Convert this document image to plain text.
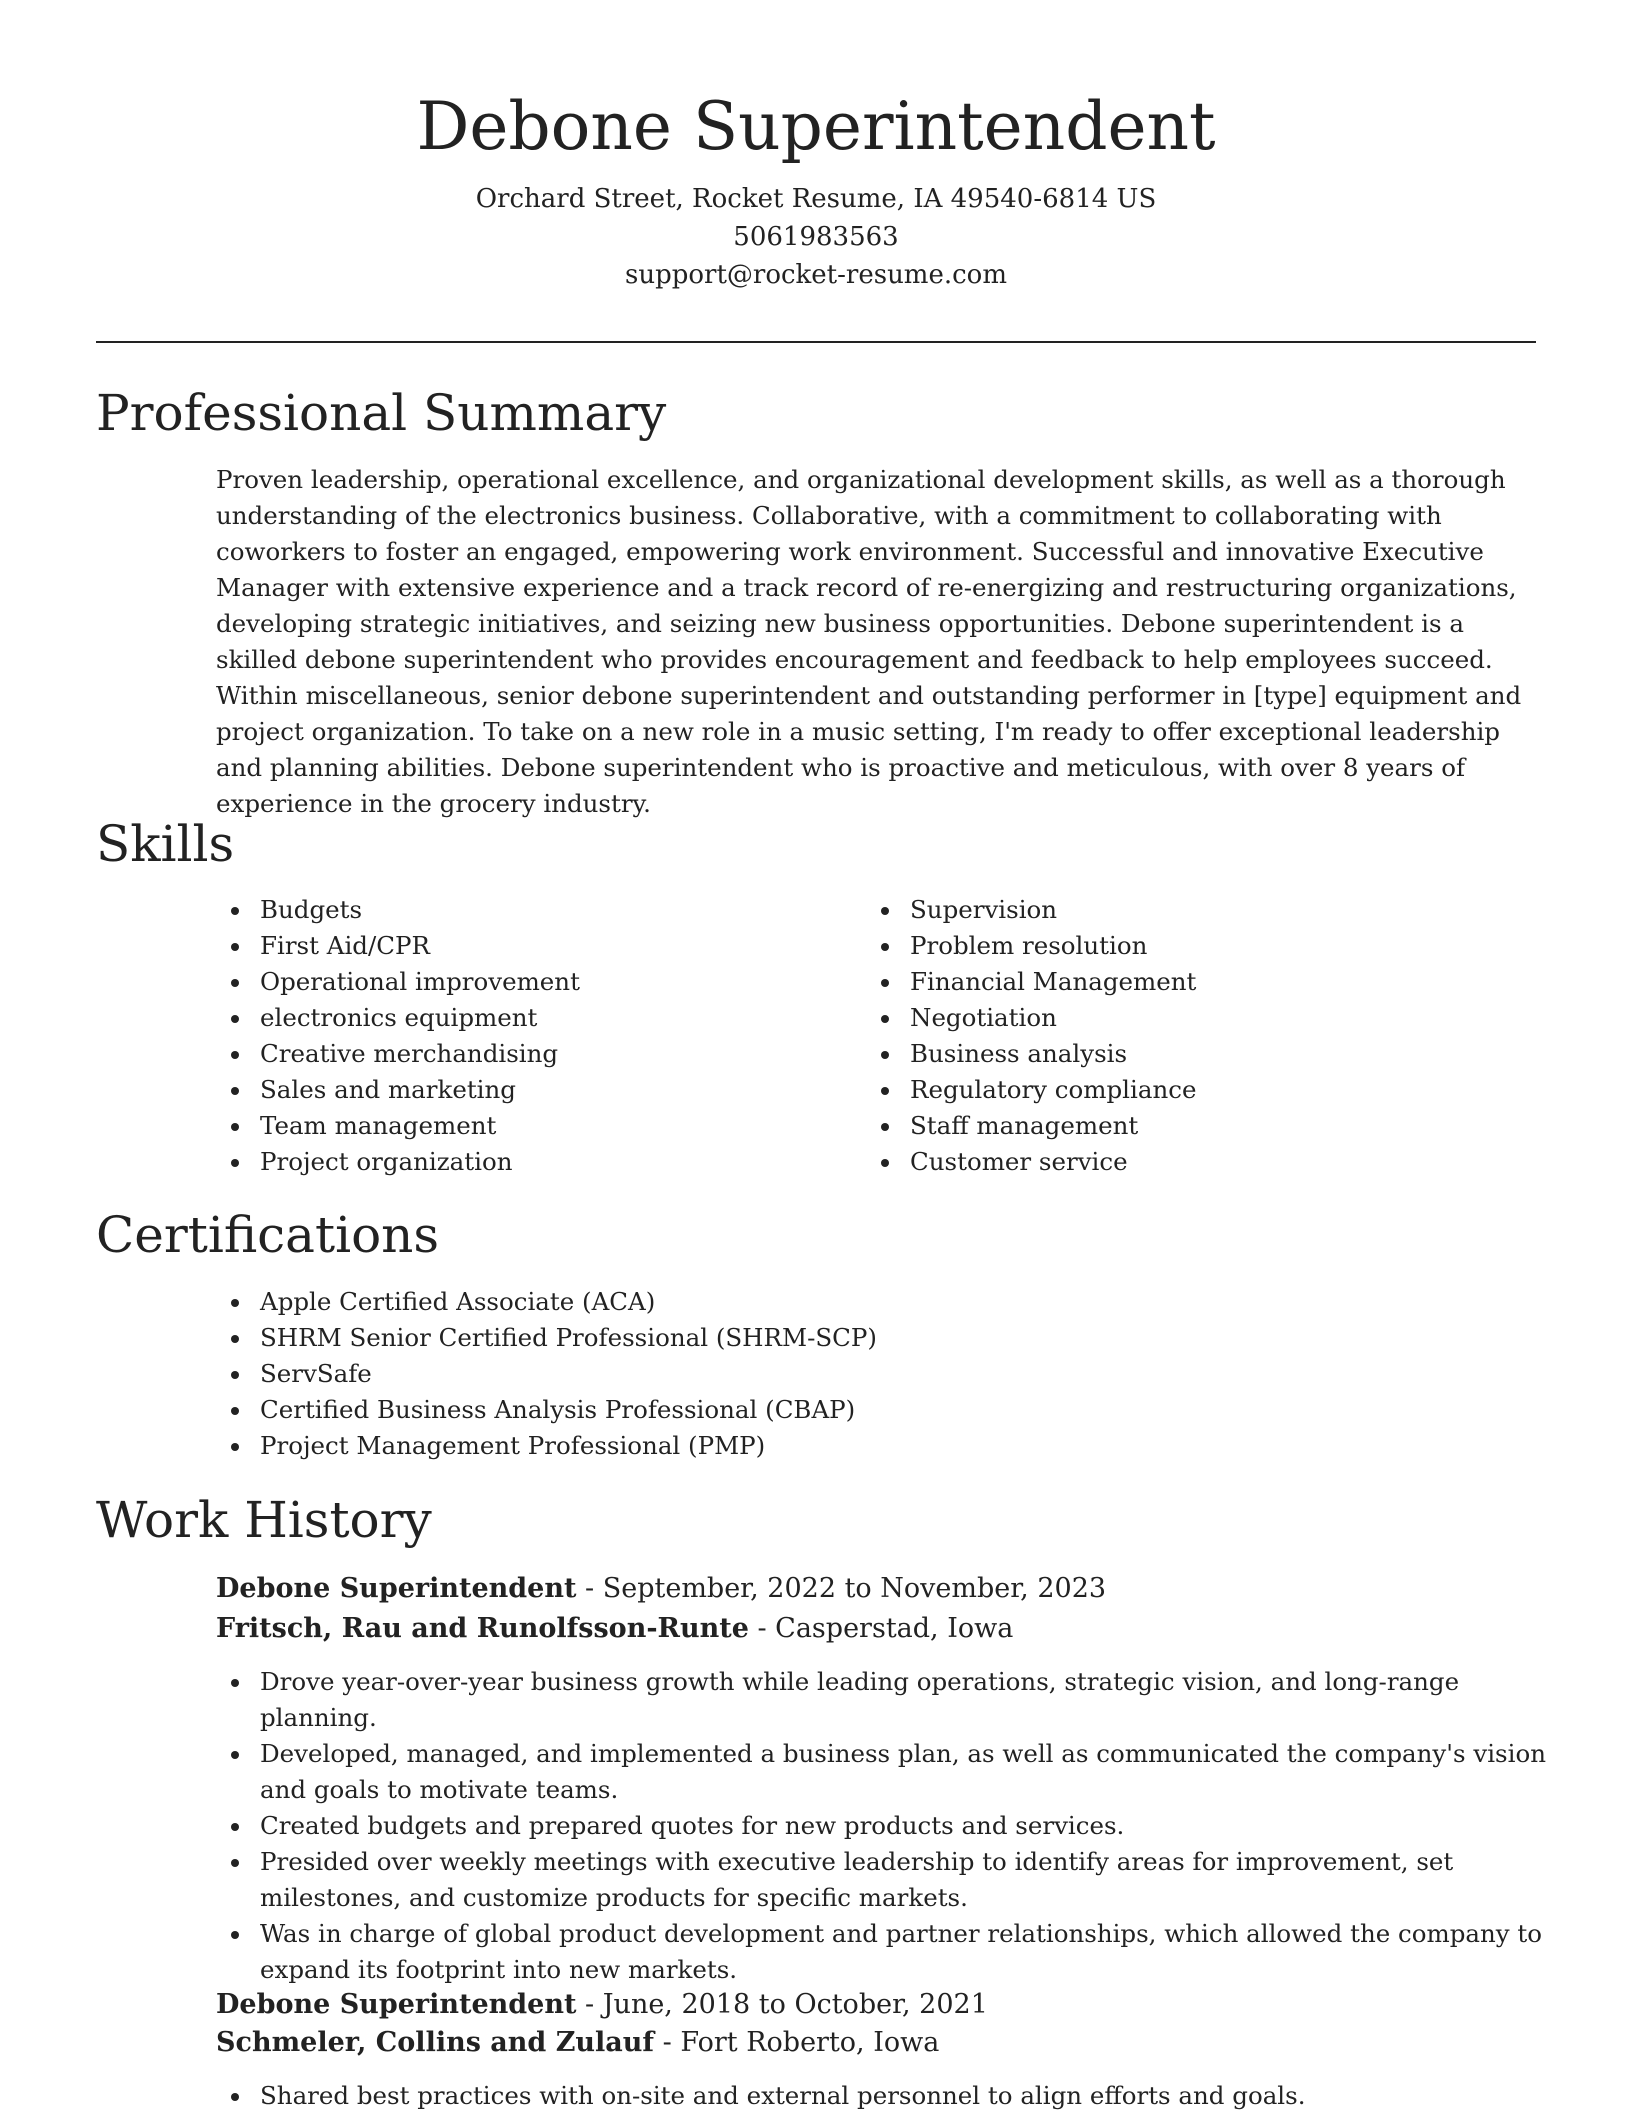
Debone Superintendent

Orchard Street, Rocket Resume, IA 49540-6814 US

5061983563

support@rocket-resume.com

Professional Summary

Proven leadership, operational excellence, and organizational development skills, as well as a thorough understanding of the electronics business. Collaborative, with a commitment to collaborating with coworkers to foster an engaged, empowering work environment. Successful and innovative Executive Manager with extensive experience and a track record of re-energizing and restructuring organizations, developing strategic initiatives, and seizing new business opportunities. Debone superintendent is a skilled debone superintendent who provides encouragement and feedback to help employees succeed. Within miscellaneous, senior debone superintendent and outstanding performer in [type] equipment and project organization. To take on a new role in a music setting, I'm ready to offer exceptional leadership and planning abilities. Debone superintendent who is proactive and meticulous, with over 8 years of experience in the grocery industry.

Skills
Budgets
First Aid/CPR
Operational improvement
electronics equipment
Creative merchandising
Sales and marketing
Team management
Project organization
Supervision
Problem resolution
Financial Management
Negotiation
Business analysis
Regulatory compliance
Staff management
Customer service
Certifications
Apple Certified Associate (ACA)
SHRM Senior Certified Professional (SHRM-SCP)
ServSafe
Certified Business Analysis Professional (CBAP)
Project Management Professional (PMP)
Work History

Debone Superintendent - September, 2022 to November, 2023

Fritsch, Rau and Runolfsson-Runte - Casperstad, Iowa

Drove year-over-year business growth while leading operations, strategic vision, and long-range planning.
Developed, managed, and implemented a business plan, as well as communicated the company's vision and goals to motivate teams.
Created budgets and prepared quotes for new products and services.
Presided over weekly meetings with executive leadership to identify areas for improvement, set milestones, and customize products for specific markets.
Was in charge of global product development and partner relationships, which allowed the company to expand its footprint into new markets.

Debone Superintendent - June, 2018 to October, 2021

Schmeler, Collins and Zulauf - Fort Roberto, Iowa

Shared best practices with on-site and external personnel to align efforts and goals.
